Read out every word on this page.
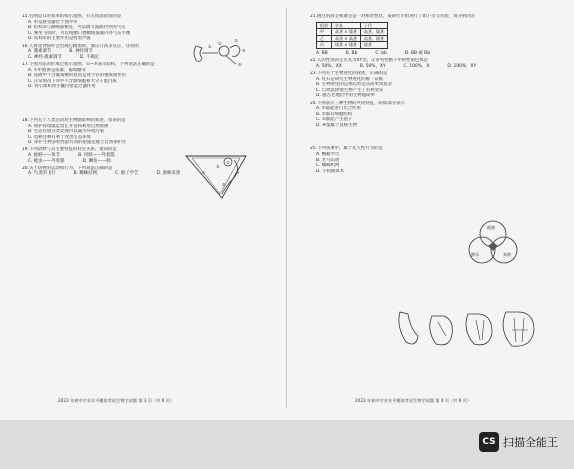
15.右图是耳的基本结构示意图，有关说法错误的是
A. 听觉感受器位于图中⑤
B. 结构③与鼻咽部相连，可以调节鼓膜内外的气压
C. 乘坐飞机时，可以咀嚼口香糖使鼓膜内外气压平衡
D. 结构①的主要作用是收集声波
16.人体受到惊吓会出现心跳加快、血压升高等反应，这说明
A. 激素调节	B. 神经调节
C. 神经-激素调节	D. 不确定
17.下图为尿的形成过程示意图，①~⑤表示结构，下列说法正确的是
A. ①中液体是尿素、葡萄糖等
B. 尿液中不含葡萄糖的原因是肾小管的重吸收作用
C. 正常情况下⑤中不含血细胞和大分子蛋白质
D. 肾小球和肾小囊内壁起过滤作用
18.下列关于人类活动对生物圈影响的叙述，错误的是
A. 保护环境就是禁止开发和利用自然资源
B. 生活垃圾分类处理可以减少环境污染
C. 退耕还林有利于改善生态环境
D. 保护生物多样性最有效的措施是建立自然保护区
19.下列动物与其主要特征的对应关系，错误的是
A. 蚯蚓——体节	B. 河蚌——外套膜
C. 蝗虫——外骨骼	D. 鲫鱼——肺
20.关于动物的运动和行为，下列说法正确的是
A. 鸟类的飞行	B. 蜘蛛结网	C. 猴子学艺	D. 蜜蜂采蜜
①
②
③
④
⑤
①
②
③
④
⑤
2023 年初中学业水平模拟考试生物学试题 第 3 页（共 6 页）
21.豌豆的高茎和矮茎是一对相对性状，某研究小组进行了如下杂交实验，请分析回答
组别	亲本	子代
甲	高茎 × 矮茎	高茎、矮茎
乙	高茎 × 高茎	高茎、矮茎
丙	矮茎 × 矮茎	矮茎
A. BB	B. Bb	C. bb	D. BB 或 Bb
22.人的性别决定方式为XY型，正常男性精子中的性染色体是
A. 50%，XX	B. 50%，XY	C. 100%，X	D. 100%，XY
23.下列关于生物进化的叙述，正确的是
A. 化石是研究生物进化的唯一证据
B. 生物进化的总体趋势是从简单到复杂
C. 自然选择使生物产生了有利变异
D. 越古老地层中的生物越简单
24.下图表示三种生物的共同特征，阴影部分表示
A. ①都能进行光合作用
B. ②都有细胞结构
C. ③都能产生孢子
D. ④都属于真核生物
25.下列各项中，属于先天性行为的是
A. 鹦鹉学舌
B. 老马识途
C. 蜘蛛织网
D. 小狗做算术
细菌
酵母	真菌
2023 年初中学业水平模拟考试生物学试题 第 4 页（共 6 页）
CS 扫描全能王
